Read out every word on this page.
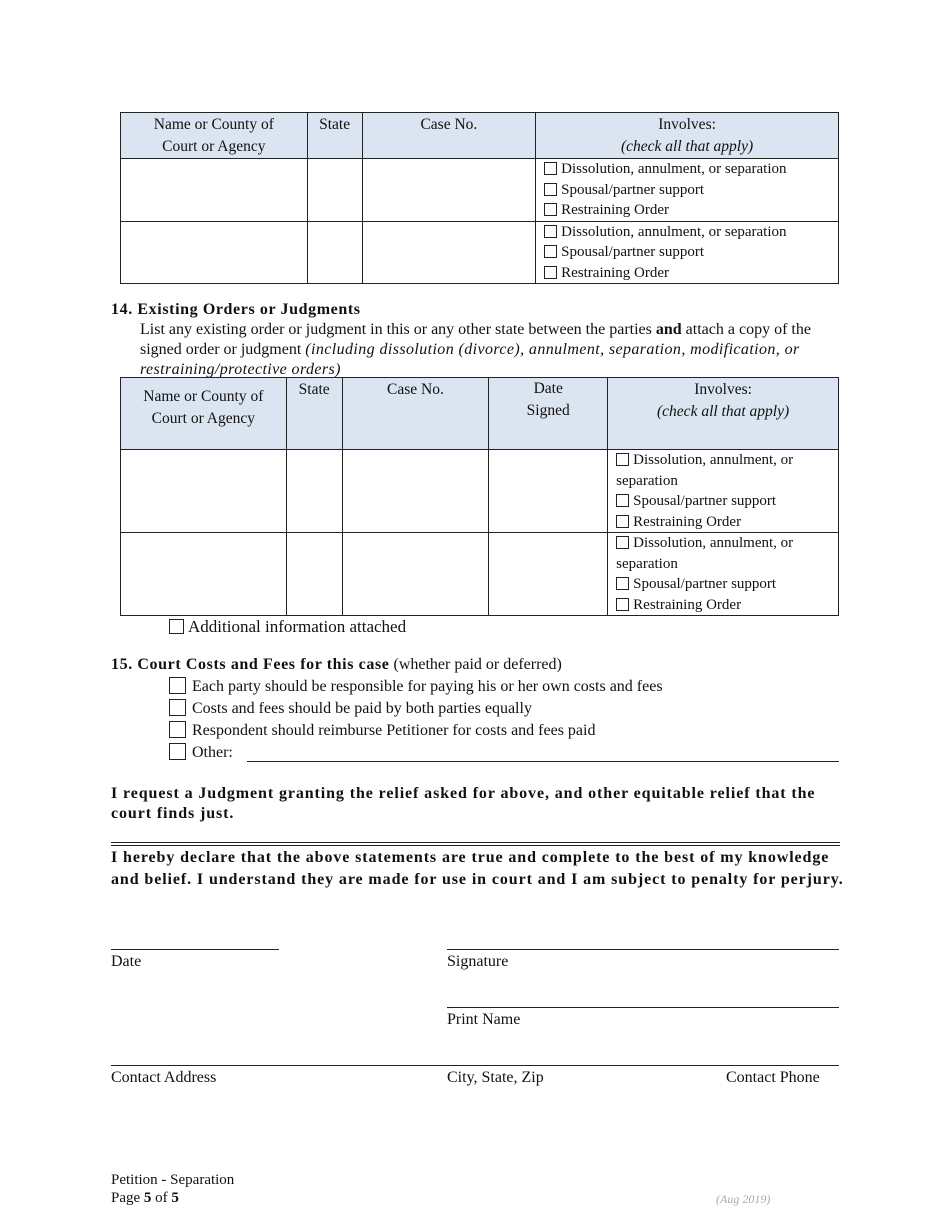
Name or County of Court or Agency	State	Case No.	Involves:
(check all that apply)

			Dissolution, annulment, or separation
Spousal/partner support
Restraining Order

			Dissolution, annulment, or separation
Spousal/partner support
Restraining Order
14. Existing Orders or Judgments
List any existing order or judgment in this or any other state between the parties and attach a copy of the signed order or judgment (including dissolution (divorce), annulment, separation, modification, or restraining/protective orders)
Name or County of Court or Agency	State	Case No.	Date Signed	Involves:
(check all that apply)

				Dissolution, annulment, or separation
Spousal/partner support
Restraining Order

				Dissolution, annulment, or separation
Spousal/partner support
Restraining Order
Additional information attached
15. Court Costs and Fees for this case (whether paid or deferred)
Each party should be responsible for paying his or her own costs and fees
Costs and fees should be paid by both parties equally
Respondent should reimburse Petitioner for costs and fees paid
Other:
I request a Judgment granting the relief asked for above, and other equitable relief that the court finds just.
I hereby declare that the above statements are true and complete to the best of my knowledge and belief. I understand they are made for use in court and I am subject to penalty for perjury.
Date	Signature
Print Name
Contact Address	City, State, Zip	Contact Phone
Petition - Separation
Page 5 of 5	(Aug 2019)
